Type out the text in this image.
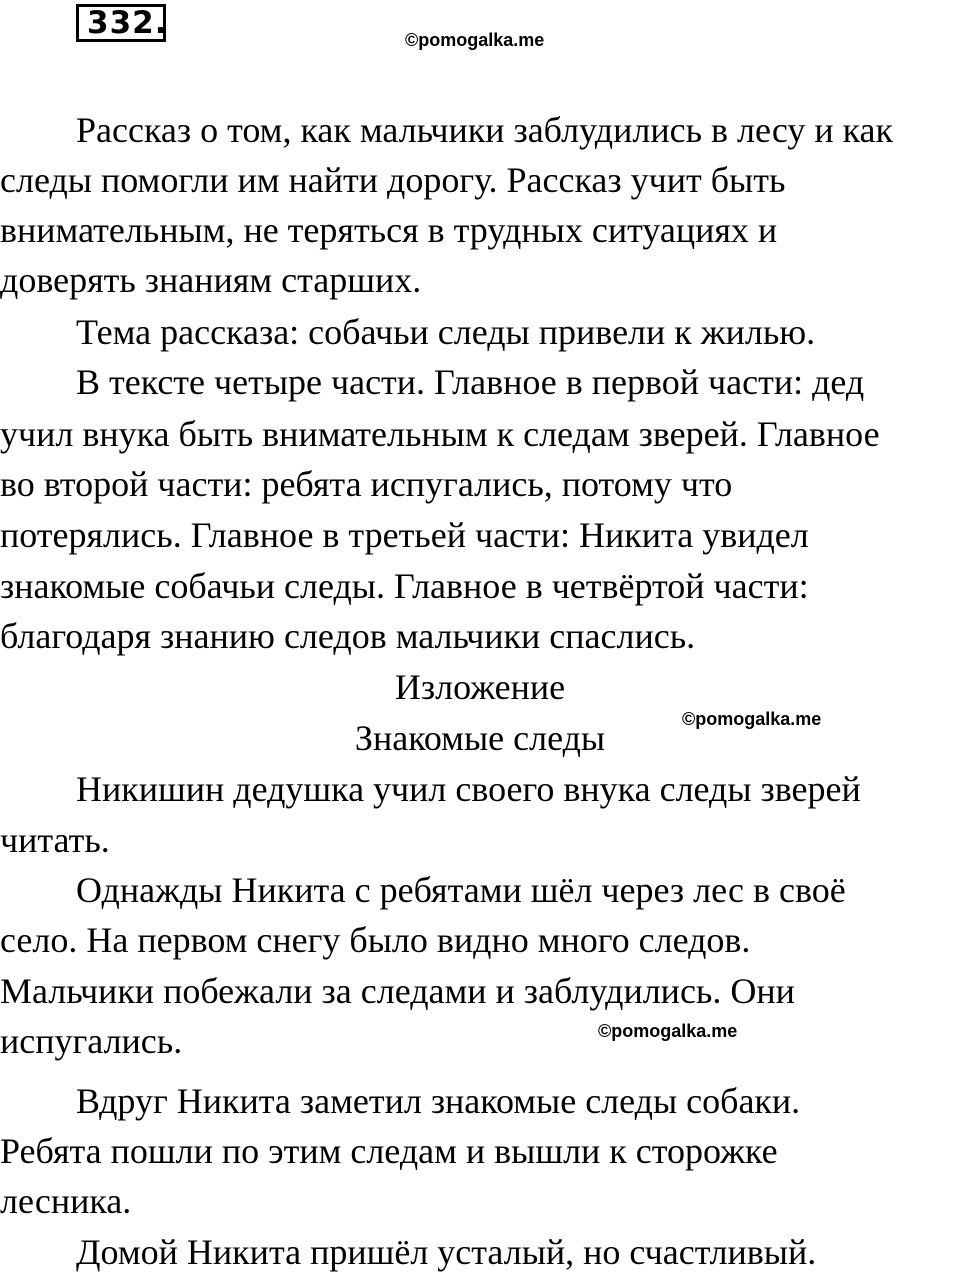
332.	©pomogalka.me
©pomogalka.me
©pomogalka.me
Рассказ о том, как мальчики заблудились в лесу и как
следы помогли им найти дорогу. Рассказ учит быть
внимательным, не теряться в трудных ситуациях и
доверять знаниям старших.
Тема рассказа: собачьи следы привели к жилью.
В тексте четыре части. Главное в первой части: дед
учил внука быть внимательным к следам зверей. Главное
во второй части: ребята испугались, потому что
потерялись. Главное в третьей части: Никита увидел
знакомые собачьи следы. Главное в четвёртой части:
благодаря знанию следов мальчики спаслись.
Изложение
Знакомые следы
Никишин дедушка учил своего внука следы зверей
читать.
Однажды Никита с ребятами шёл через лес в своё
село. На первом снегу было видно много следов.
Мальчики побежали за следами и заблудились. Они
испугались.
Вдруг Никита заметил знакомые следы собаки.
Ребята пошли по этим следам и вышли к сторожке
лесника.
Домой Никита пришёл усталый, но счастливый.
